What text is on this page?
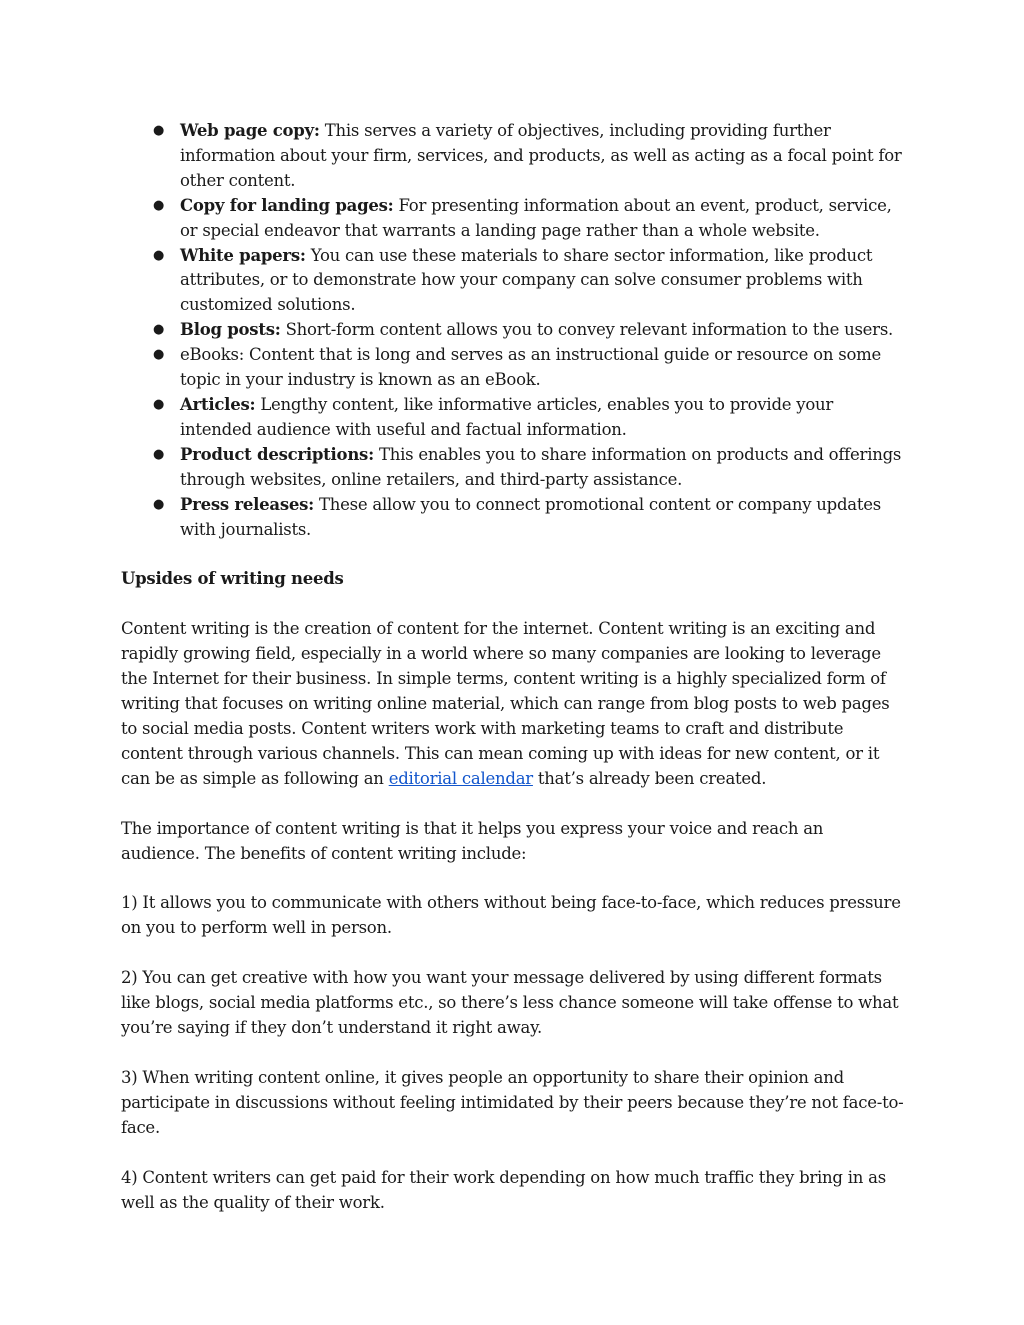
● Web page copy: This serves a variety of objectives, including providing further information about your firm, services, and products, as well as acting as a focal point for other content.
● Copy for landing pages: For presenting information about an event, product, service, or special endeavor that warrants a landing page rather than a whole website.
● White papers: You can use these materials to share sector information, like product attributes, or to demonstrate how your company can solve consumer problems with customized solutions.
● Blog posts: Short-form content allows you to convey relevant information to the users.
● eBooks: Content that is long and serves as an instructional guide or resource on some topic in your industry is known as an eBook.
● Articles: Lengthy content, like informative articles, enables you to provide your intended audience with useful and factual information.
● Product descriptions: This enables you to share information on products and offerings through websites, online retailers, and third-party assistance.
● Press releases: These allow you to connect promotional content or company updates with journalists.
Upsides of writing needs

Content writing is the creation of content for the internet. Content writing is an exciting and rapidly growing field, especially in a world where so many companies are looking to leverage the Internet for their business. In simple terms, content writing is a highly specialized form of writing that focuses on writing online material, which can range from blog posts to web pages to social media posts. Content writers work with marketing teams to craft and distribute content through various channels. This can mean coming up with ideas for new content, or it can be as simple as following an editorial calendar that’s already been created.

The importance of content writing is that it helps you express your voice and reach an audience. The benefits of content writing include:

1) It allows you to communicate with others without being face-to-face, which reduces pressure on you to perform well in person.

2) You can get creative with how you want your message delivered by using different formats like blogs, social media platforms etc., so there’s less chance someone will take offense to what you’re saying if they don’t understand it right away.

3) When writing content online, it gives people an opportunity to share their opinion and participate in discussions without feeling intimidated by their peers because they’re not face-to-face.

4) Content writers can get paid for their work depending on how much traffic they bring in as well as the quality of their work.
